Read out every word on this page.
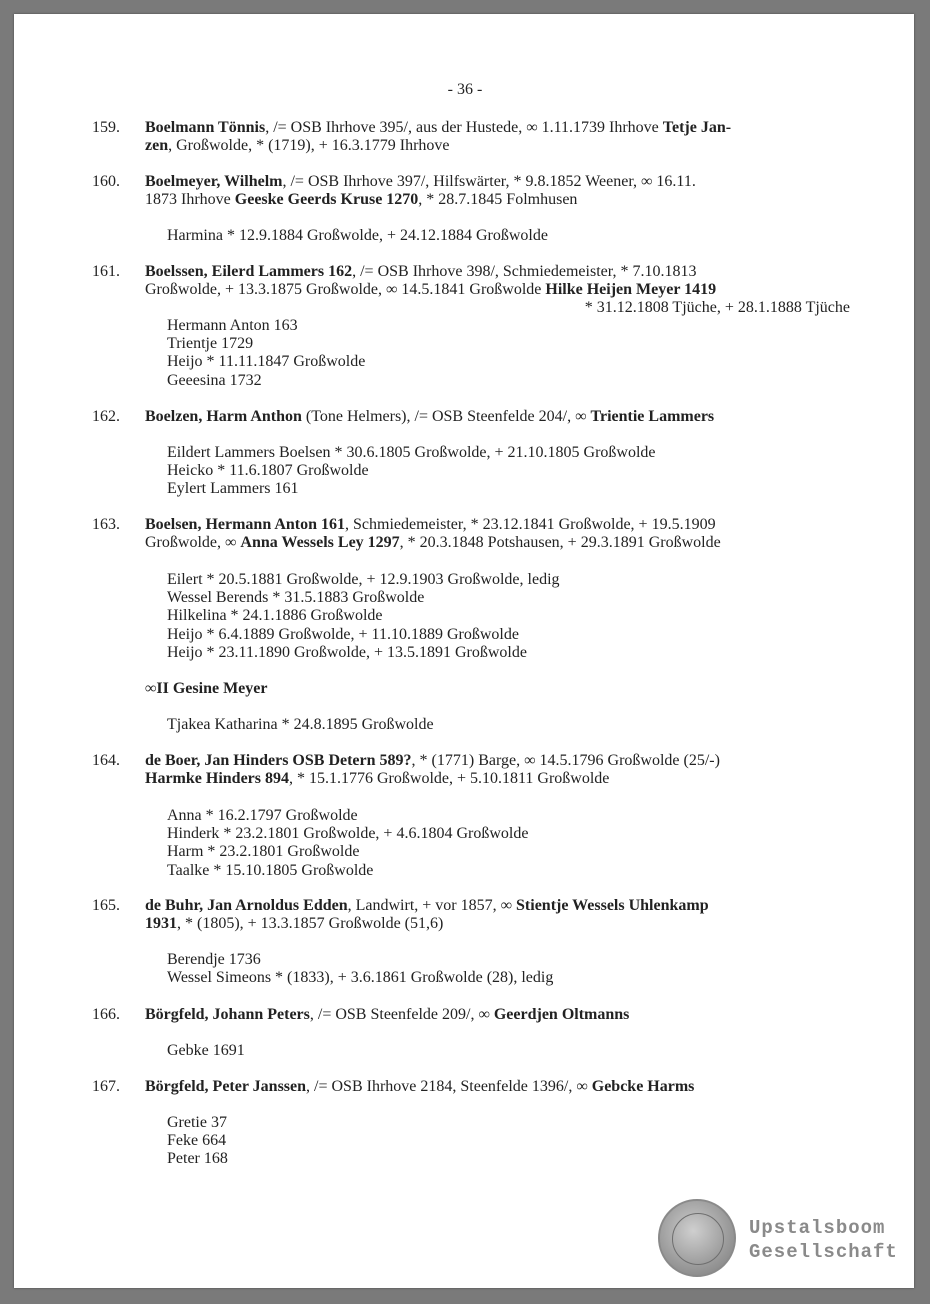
- 36 -
159. Boelmann Tönnis, /= OSB Ihrhove 395/, aus der Hustede, ∞ 1.11.1739 Ihrhove Tetje Jan-
zen, Großwolde, * (1719), + 16.3.1779 Ihrhove
160. Boelmeyer, Wilhelm, /= OSB Ihrhove 397/, Hilfswärter, * 9.8.1852 Weener, ∞ 16.11.
1873 Ihrhove Geeske Geerds Kruse 1270, * 28.7.1845 Folmhusen
Harmina * 12.9.1884 Großwolde, + 24.12.1884 Großwolde
161. Boelssen, Eilerd Lammers 162, /= OSB Ihrhove 398/, Schmiedemeister, * 7.10.1813
Großwolde, + 13.3.1875 Großwolde, ∞ 14.5.1841 Großwolde Hilke Heijen Meyer 1419
* 31.12.1808 Tjüche, + 28.1.1888 Tjüche
Hermann Anton 163
Trientje 1729
Heijo * 11.11.1847 Großwolde
Geeesina 1732
162. Boelzen, Harm Anthon (Tone Helmers), /= OSB Steenfelde 204/, ∞ Trientie Lammers
Eildert Lammers Boelsen * 30.6.1805 Großwolde, + 21.10.1805 Großwolde
Heicko * 11.6.1807 Großwolde
Eylert Lammers 161
163. Boelsen, Hermann Anton 161, Schmiedemeister, * 23.12.1841 Großwolde, + 19.5.1909
Großwolde, ∞ Anna Wessels Ley 1297, * 20.3.1848 Potshausen, + 29.3.1891 Großwolde
Eilert * 20.5.1881 Großwolde, + 12.9.1903 Großwolde, ledig
Wessel Berends * 31.5.1883 Großwolde
Hilkelina * 24.1.1886 Großwolde
Heijo * 6.4.1889 Großwolde, + 11.10.1889 Großwolde
Heijo * 23.11.1890 Großwolde, + 13.5.1891 Großwolde
∞II Gesine Meyer
Tjakea Katharina * 24.8.1895 Großwolde
164. de Boer, Jan Hinders OSB Detern 589?, * (1771) Barge, ∞ 14.5.1796 Großwolde (25/-)
Harmke Hinders 894, * 15.1.1776 Großwolde, + 5.10.1811 Großwolde
Anna * 16.2.1797 Großwolde
Hinderk * 23.2.1801 Großwolde, + 4.6.1804 Großwolde
Harm * 23.2.1801 Großwolde
Taalke * 15.10.1805 Großwolde
165. de Buhr, Jan Arnoldus Edden, Landwirt, + vor 1857, ∞ Stientje Wessels Uhlenkamp
1931, * (1805), + 13.3.1857 Großwolde (51,6)
Berendje 1736
Wessel Simeons * (1833), + 3.6.1861 Großwolde (28), ledig
166. Börgfeld, Johann Peters, /= OSB Steenfelde 209/, ∞ Geerdjen Oltmanns
Gebke 1691
167. Börgfeld, Peter Janssen, /= OSB Ihrhove 2184, Steenfelde 1396/, ∞ Gebcke Harms
Gretie 37
Feke 664
Peter 168
Upstalsboom
Gesellschaft
